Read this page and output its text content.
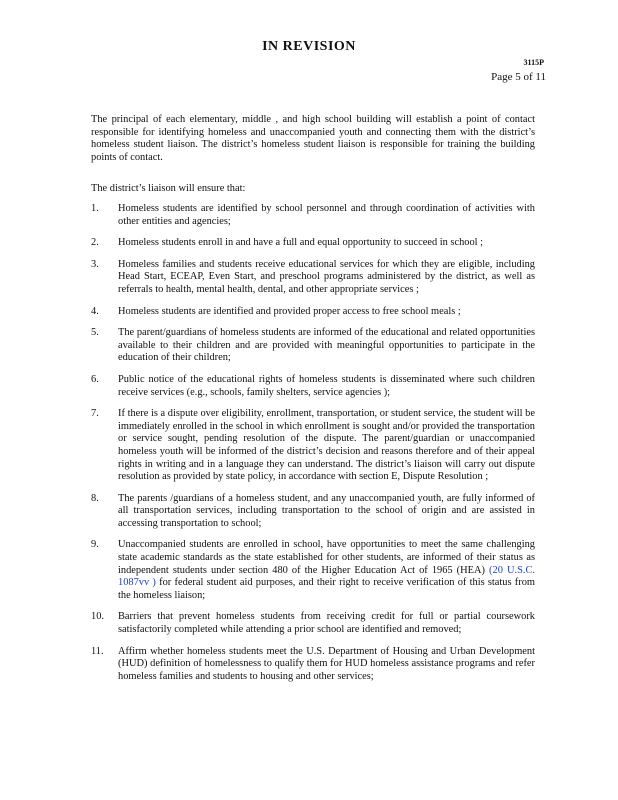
IN REVISION
3115P
Page 5 of 11

The principal of each elementary, middle , and high school building will establish a point of contact responsible for identifying homeless and unaccompanied youth and connecting them with the district’s homeless student liaison. The district’s homeless student liaison is responsible for training the building points of contact.

The district’s liaison will ensure that:

1. Homeless students are identified by school personnel and through coordination of activities with other entities and agencies;
2. Homeless students enroll in and have a full and equal opportunity to succeed in school ;
3. Homeless families and students receive educational services for which they are eligible, including Head Start, ECEAP, Even Start, and preschool programs administered by the district, as well as referrals to health, mental health, dental, and other appropriate services ;
4. Homeless students are identified and provided proper access to free school meals ;
5. The parent/guardians of homeless students are informed of the educational and related opportunities available to their children and are provided with meaningful opportunities to participate in the education of their children;
6. Public notice of the educational rights of homeless students is disseminated where such children receive services (e.g., schools, family shelters, service agencies );
7. If there is a dispute over eligibility, enrollment, transportation, or student service, the student will be immediately enrolled in the school in which enrollment is sought and/or provided the transportation or service sought, pending resolution of the dispute. The parent/guardian or unaccompanied homeless youth will be informed of the district’s decision and reasons therefore and of their appeal rights in writing and in a language they can understand. The district’s liaison will carry out dispute resolution as provided by state policy, in accordance with section E, Dispute Resolution ;
8. The parents /guardians of a homeless student, and any unaccompanied youth, are fully informed of all transportation services, including transportation to the school of origin and are assisted in accessing transportation to school;
9. Unaccompanied students are enrolled in school, have opportunities to meet the same challenging state academic standards as the state established for other students, are informed of their status as independent students under section 480 of the Higher Education Act of 1965 (HEA) (20 U.S.C. 1087vv ) for federal student aid purposes, and their right to receive verification of this status from the homeless liaison;
10. Barriers that prevent homeless students from receiving credit for full or partial coursework satisfactorily completed while attending a prior school are identified and removed;
11. Affirm whether homeless students meet the U.S. Department of Housing and Urban Development (HUD) definition of homelessness to qualify them for HUD homeless assistance programs and refer homeless families and students to housing and other services;
